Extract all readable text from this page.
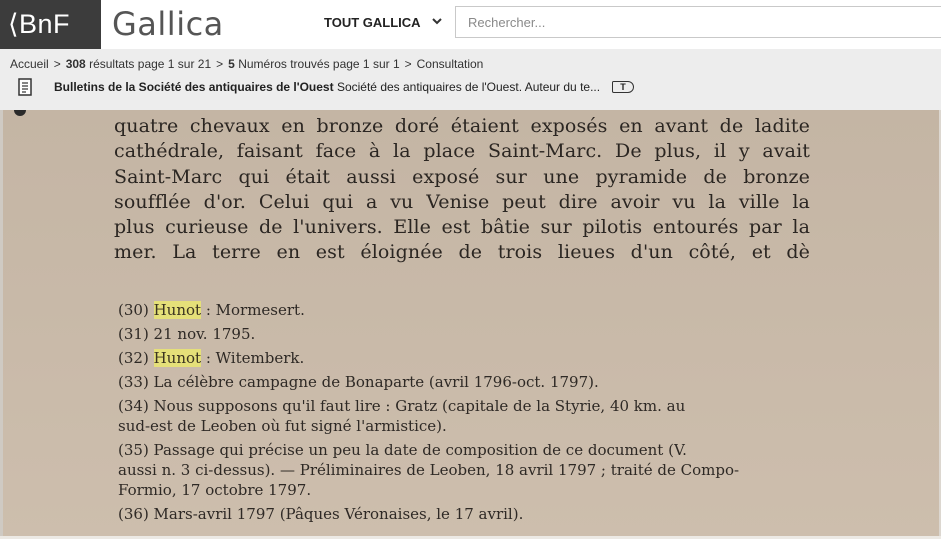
⟨BnF	Gallica	TOUT GALLICA
Rechercher...
Accueil > 308 résultats page 1 sur 21 > 5 Numéros trouvés page 1 sur 1 > Consultation
Bulletins de la Société des antiquaires de l'Ouest Société des antiquaires de l'Ouest. Auteur du te...	T
quatre chevaux en bronze doré étaient exposés en avant de ladite
cathédrale, faisant face à la place Saint-Marc. De plus, il y avait
Saint-Marc qui était aussi exposé sur une pyramide de bronze
soufflée d'or. Celui qui a vu Venise peut dire avoir vu la ville la
plus curieuse de l'univers. Elle est bâtie sur pilotis entourés par la
mer. La terre en est éloignée de trois lieues d'un côté, et dè
(30) Hunot : Mormesert.
(31) 21 nov. 1795.
(32) Hunot : Witemberk.
(33) La célèbre campagne de Bonaparte (avril 1796-oct. 1797).
(34) Nous supposons qu'il faut lire : Gratz (capitale de la Styrie, 40 km. au
sud-est de Leoben où fut signé l'armistice).
(35) Passage qui précise un peu la date de composition de ce document (V.
aussi n. 3 ci-dessus). — Préliminaires de Leoben, 18 avril 1797 ; traité de Compo-
Formio, 17 octobre 1797.
(36) Mars-avril 1797 (Pâques Véronaises, le 17 avril).
